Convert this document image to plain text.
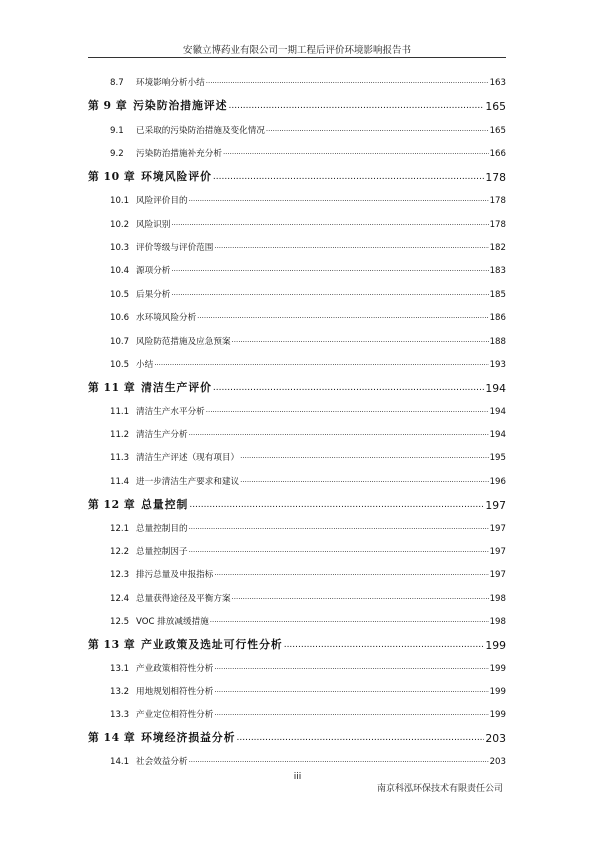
安徽立博药业有限公司一期工程后评价环境影响报告书
8.7	环境影响分析小结 .....	163
第 9 章 污染防治措施评述 .....	165
9.1	已采取的污染防治措施及变化情况 .....	165
9.2	污染防治措施补充分析 .....	166
第 10 章 环境风险评价 .....	178
10.1 风险评价目的 .....	178
10.2 风险识别 .....	178
10.3 评价等级与评价范围 .....	182
10.4 源项分析 .....	183
10.5 后果分析 .....	185
10.6 水环境风险分析 .....	186
10.7 风险防范措施及应急预案 .....	188
10.5 小结 .....	193
第 11 章 清洁生产评价 .....	194
11.1 清洁生产水平分析 .....	194
11.2 清洁生产分析 .....	194
11.3 清洁生产评述（现有项目） .....	195
11.4 进一步清洁生产要求和建议 .....	196
第 12 章 总量控制 .....	197
12.1 总量控制目的 .....	197
12.2 总量控制因子 .....	197
12.3 排污总量及申报指标 .....	197
12.4 总量获得途径及平衡方案 .....	198
12.5 VOC 排放减缓措施 .....	198
第 13 章 产业政策及选址可行性分析 .....	199
13.1 产业政策相符性分析 .....	199
13.2 用地规划相符性分析 .....	199
13.3 产业定位相符性分析 .....	199
第 14 章 环境经济损益分析 .....	203
14.1 社会效益分析 .....	203
iii
南京科泓环保技术有限责任公司
